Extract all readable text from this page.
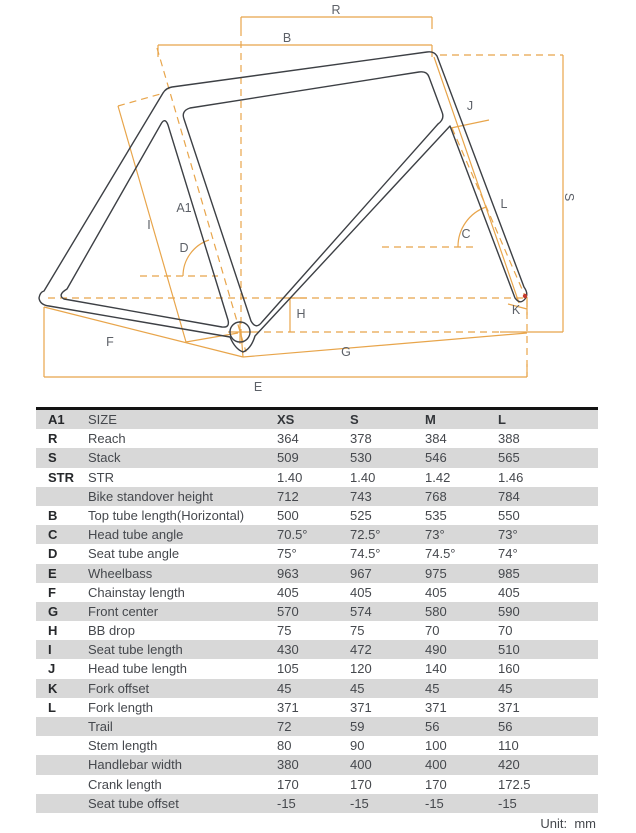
R
B
J
S
A1
I
D
C
L
H	K
F
G
E
A1	SIZE	XS	S	M	L
R	Reach	364	378	384	388
S	Stack	509	530	546	565
STR	STR	1.40	1.40	1.42	1.46
Bike standover height	712	743	768	784
B	Top tube length(Horizontal)	500	525	535	550
C	Head tube angle	70.5°	72.5°	73°	73°
D	Seat tube angle	75°	74.5°	74.5°	74°
E	Wheelbass	963	967	975	985
F	Chainstay length	405	405	405	405
G	Front center	570	574	580	590
H	BB drop	75	75	70	70
I	Seat tube length	430	472	490	510
J	Head tube length	105	120	140	160
K	Fork offset	45	45	45	45
L	Fork length	371	371	371	371
Trail	72	59	56	56
Stem length	80	90	100	110
Handlebar width	380	400	400	420
Crank length	170	170	170	172.5
Seat tube offset	-15	-15	-15	-15
Unit:  mm
